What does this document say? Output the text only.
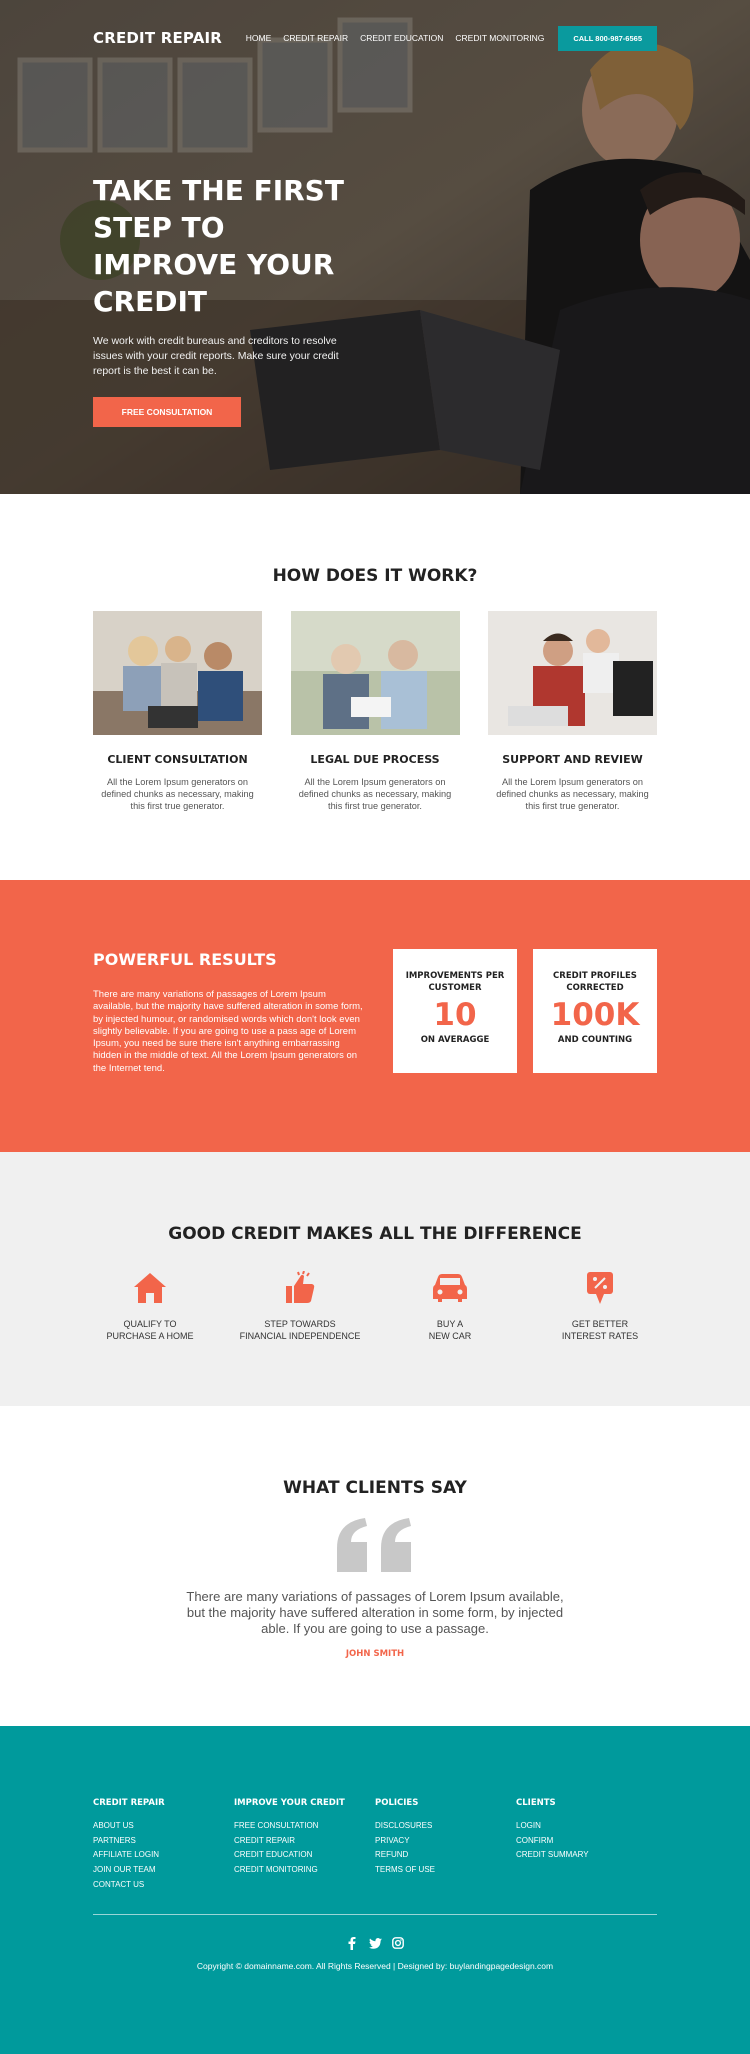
CREDIT REPAIR	HOME CREDIT REPAIR CREDIT EDUCATION CREDIT MONITORING	CALL 800-987-6565
TAKE THE FIRST STEP TO IMPROVE YOUR CREDIT

We work with credit bureaus and creditors to resolve issues with your credit reports. Make sure your credit report is the best it can be.

FREE CONSULTATION
HOW DOES IT WORK?
CLIENT CONSULTATION

All the Lorem Ipsum generators on defined chunks as necessary, making this first true generator.

LEGAL DUE PROCESS

All the Lorem Ipsum generators on defined chunks as necessary, making this first true generator.

SUPPORT AND REVIEW

All the Lorem Ipsum generators on defined chunks as necessary, making this first true generator.

POWERFUL RESULTS

There are many variations of passages of Lorem Ipsum available, but the majority have suffered alteration in some form, by injected humour, or randomised words which don't look even slightly believable. If you are going to use a pass age of Lorem Ipsum, you need be sure there isn't anything embarrassing hidden in the middle of text. All the Lorem Ipsum generators on the Internet tend.

IMPROVEMENTS PER CUSTOMER
10
ON AVERAGGE
CREDIT PROFILES CORRECTED
100K
AND COUNTING
GOOD CREDIT MAKES ALL THE DIFFERENCE
QUALIFY TO
PURCHASE A HOME
STEP TOWARDS
FINANCIAL INDEPENDENCE
BUY A
NEW CAR
GET BETTER
INTEREST RATES
WHAT CLIENTS SAY

There are many variations of passages of Lorem Ipsum available, but the majority have suffered alteration in some form, by injected able. If you are going to use a passage.

JOHN SMITH
CREDIT REPAIR
ABOUT US
PARTNERS
AFFILIATE LOGIN
JOIN OUR TEAM
CONTACT US
IMPROVE YOUR CREDIT
FREE CONSULTATION
CREDIT REPAIR
CREDIT EDUCATION
CREDIT MONITORING
POLICIES
DISCLOSURES
PRIVACY
REFUND
TERMS OF USE
CLIENTS
LOGIN
CONFIRM
CREDIT SUMMARY
Copyright © domainname.com. All Rights Reserved | Designed by: buylandingpagedesign.com
